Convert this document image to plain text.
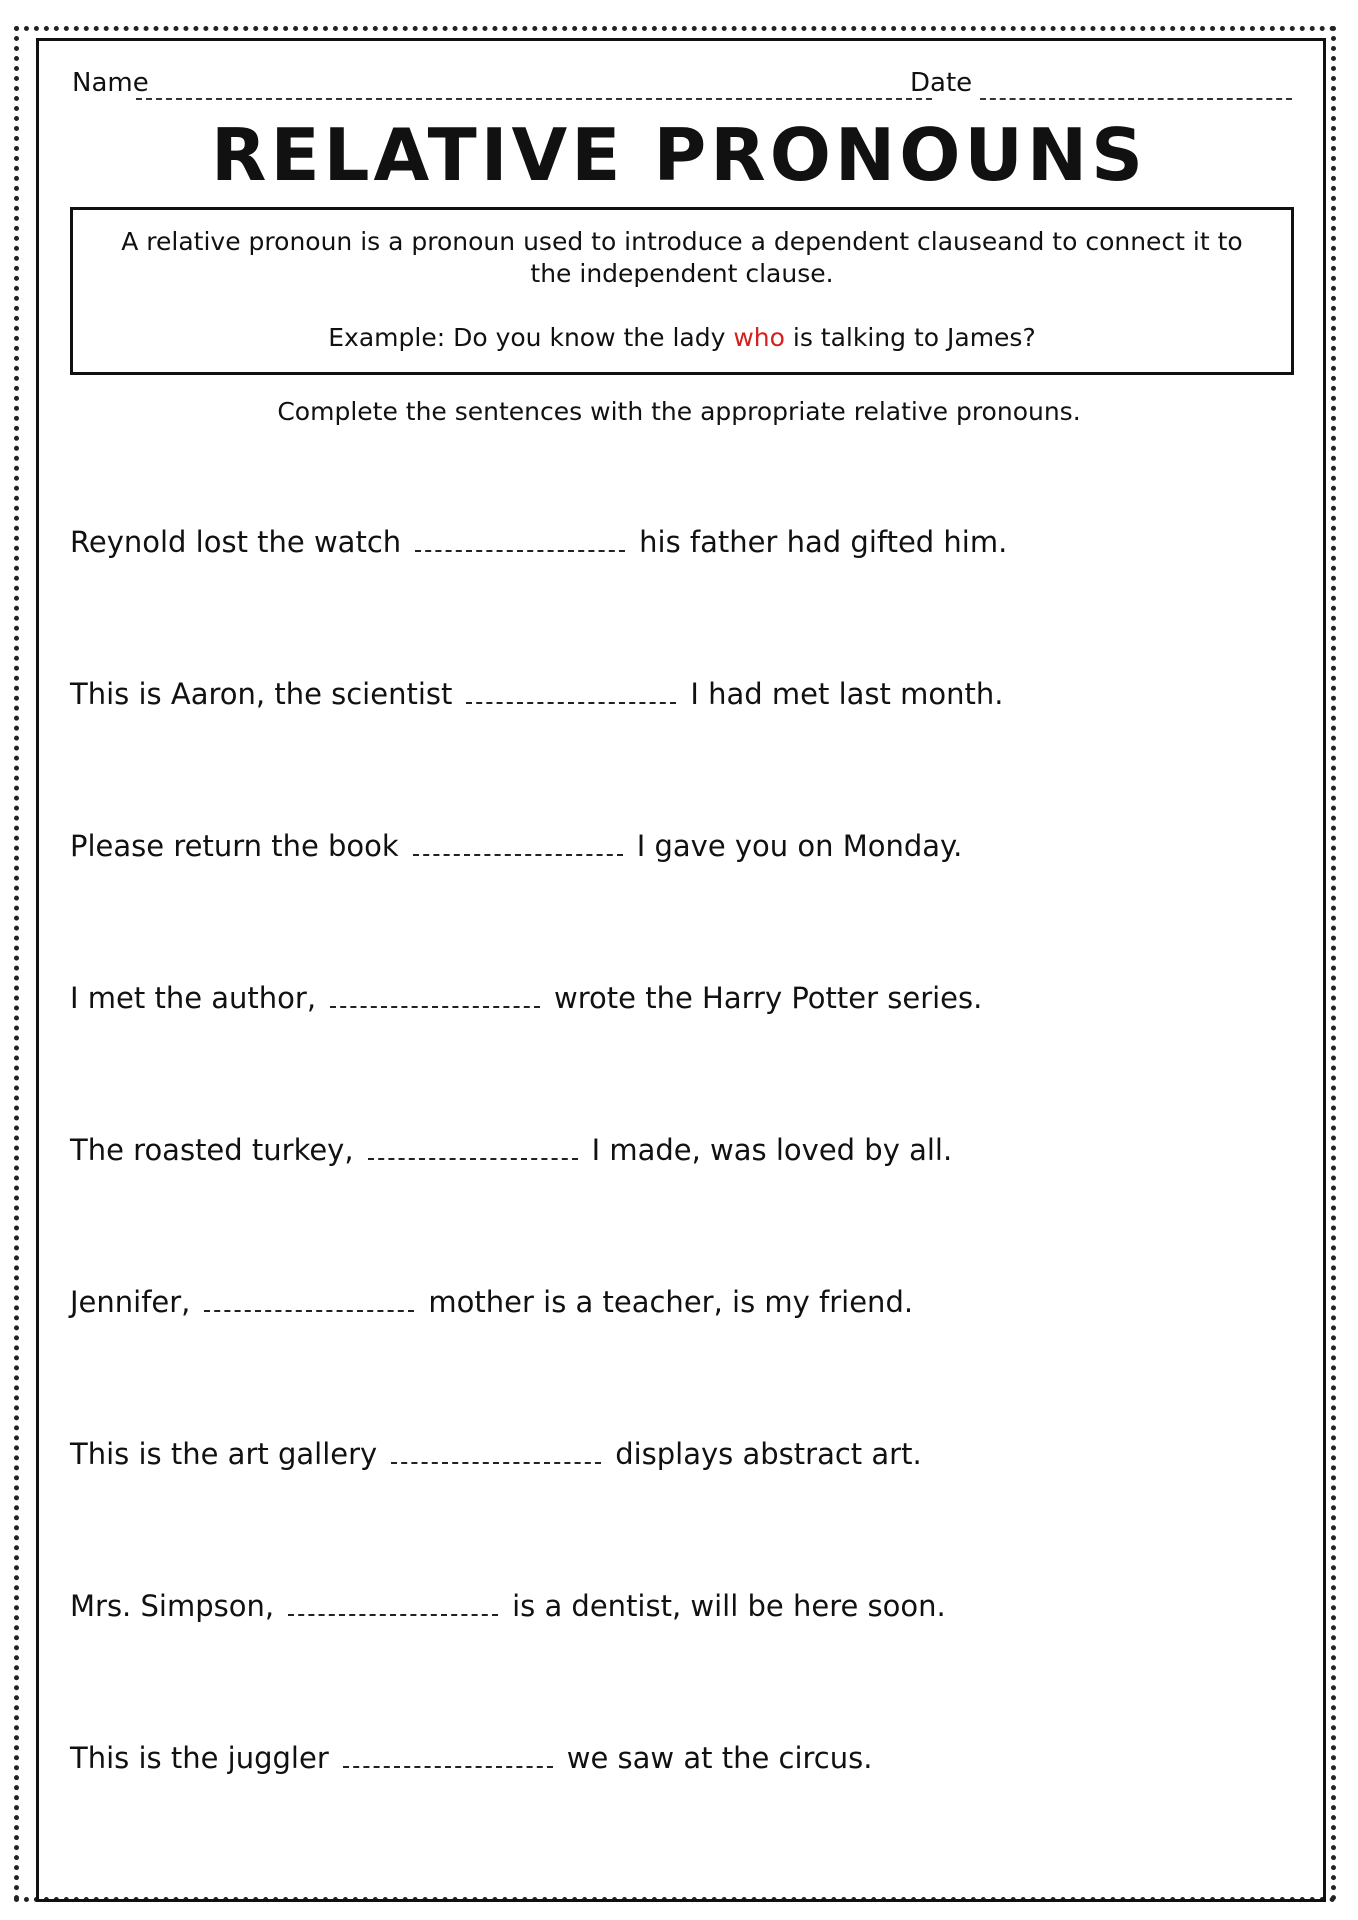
Name	Date
RELATIVE PRONOUNS
A relative pronoun is a pronoun used to introduce a dependent clauseand to connect it to the independent clause.
Example: Do you know the lady who is talking to James?
Complete the sentences with the appropriate relative pronouns.
Reynold lost the watch	his father had gifted him.
This is Aaron, the scientist	I had met last month.
Please return the book	I gave you on Monday.
I met the author,	wrote the Harry Potter series.
The roasted turkey,	I made, was loved by all.
Jennifer,	mother is a teacher, is my friend.
This is the art gallery	displays abstract art.
Mrs. Simpson,	is a dentist, will be here soon.
This is the juggler	we saw at the circus.
